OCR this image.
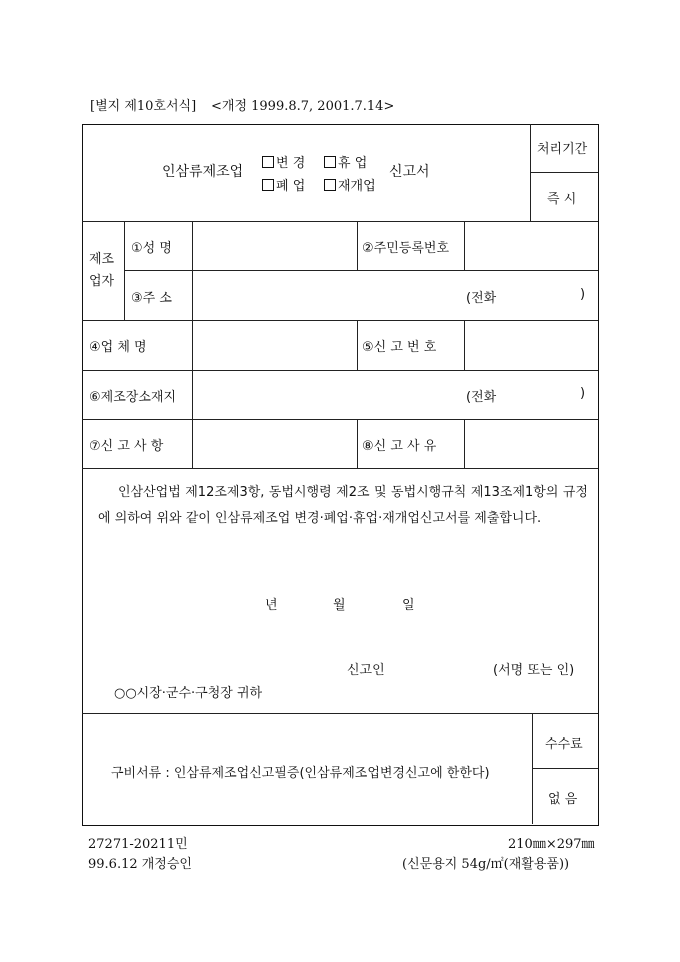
[별지 제10호서식] <개정 1999.8.7, 2001.7.14>
인삼류제조업
변 경	휴 업
폐 업	재개업
신고서
처리기간
즉 시
제조
업자
①성 명	②주민등록번호
③주 소	(전화	)
④업 체 명	⑤신 고 번 호
⑥제조장소재지	(전화	)
⑦신 고 사 항	⑧신 고 사 유
인삼산업법 제12조제3항, 동법시행령 제2조 및 동법시행규칙 제13조제1항의 규정에 의하여 위와 같이 인삼류제조업 변경·폐업·휴업·재개업신고서를 제출합니다.
년	월	일
신고인	(서명 또는 인)
○○시장·군수·구청장 귀하
구비서류 : 인삼류제조업신고필증(인삼류제조업변경신고에 한한다)
수수료
없 음
27271-20211민
99.6.12 개정승인
210㎜×297㎜
(신문용지 54g/㎡(재활용품))
